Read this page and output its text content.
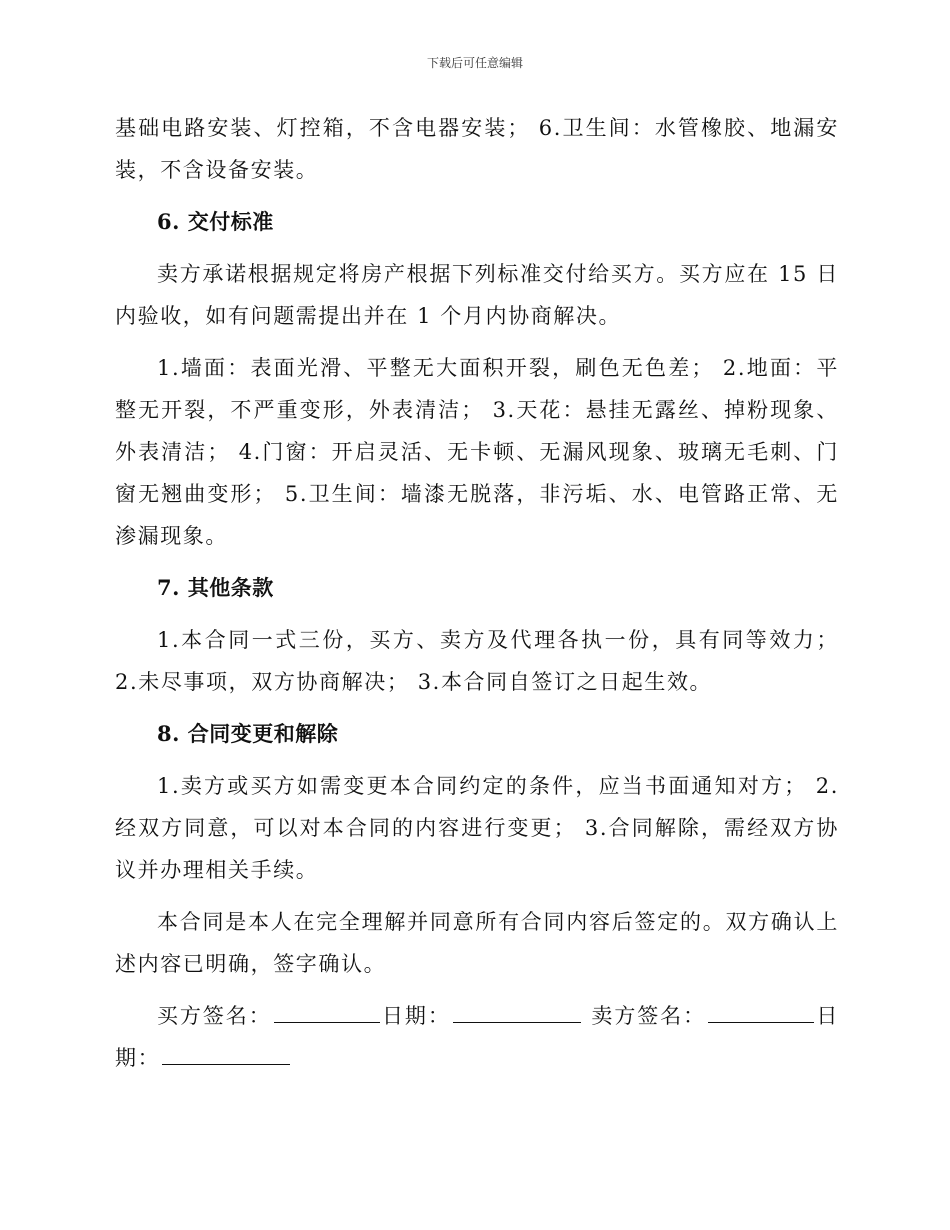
下载后可任意编辑

基础电路安装、灯控箱，不含电器安装； 6.卫生间：水管橡胶、地漏安装，不含设备安装。

6. 交付标准

卖方承诺根据规定将房产根据下列标准交付给买方。买方应在 15 日内验收，如有问题需提出并在 1 个月内协商解决。

1.墙面：表面光滑、平整无大面积开裂，刷色无色差； 2.地面：平整无开裂，不严重变形，外表清洁； 3.天花：悬挂无露丝、掉粉现象、外表清洁； 4.门窗：开启灵活、无卡顿、无漏风现象、玻璃无毛刺、门窗无翘曲变形； 5.卫生间：墙漆无脱落，非污垢、水、电管路正常、无渗漏现象。

7. 其他条款

1.本合同一式三份，买方、卖方及代理各执一份，具有同等效力； 2.未尽事项，双方协商解决； 3.本合同自签订之日起生效。

8. 合同变更和解除

1.卖方或买方如需变更本合同约定的条件，应当书面通知对方； 2.经双方同意，可以对本合同的内容进行变更； 3.合同解除，需经双方协议并办理相关手续。

本合同是本人在完全理解并同意所有合同内容后签定的。双方确认上述内容已明确，签字确认。

买方签名：	日期：	卖方签名：	日期：
